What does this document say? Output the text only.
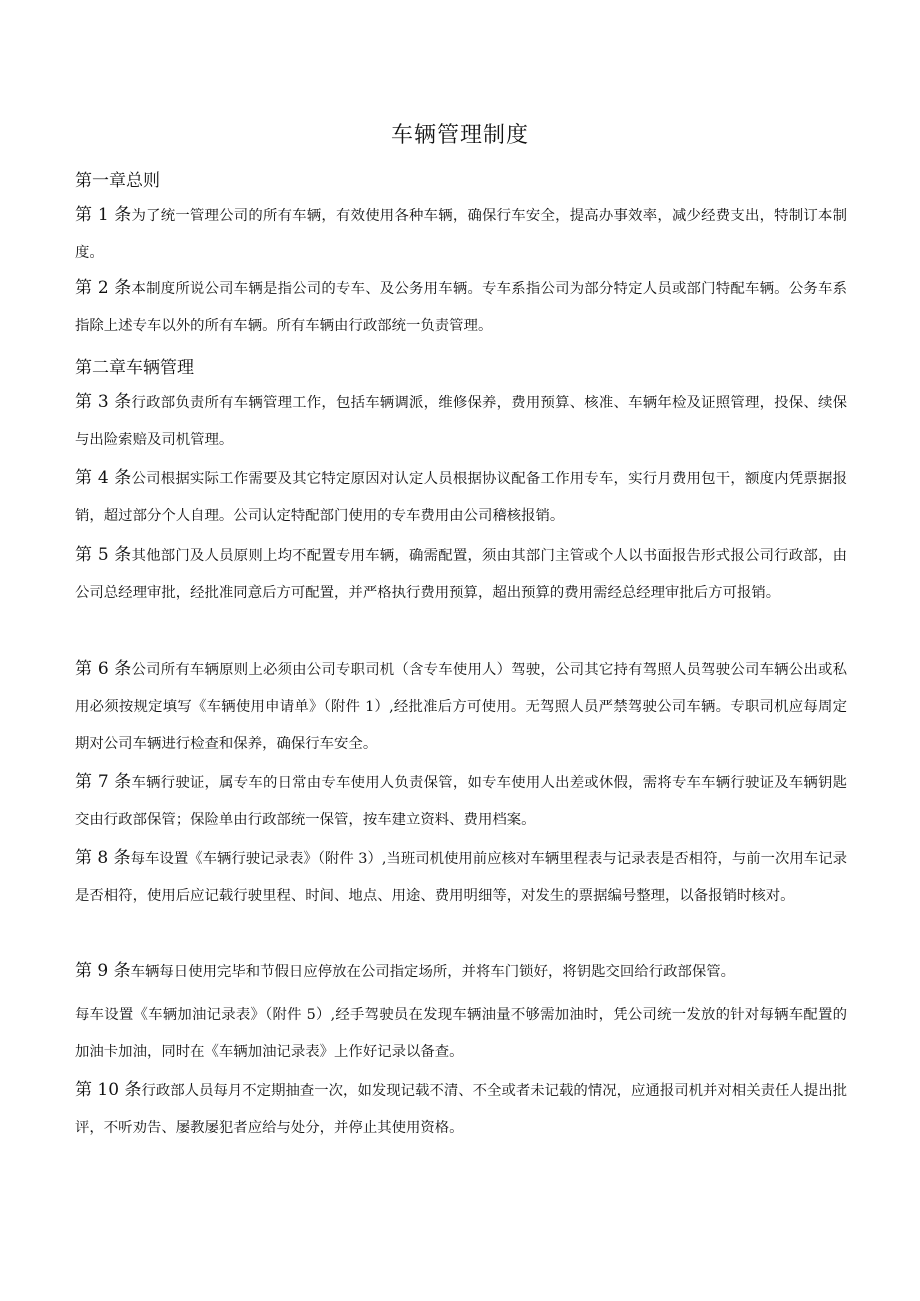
车辆管理制度
第一章总则
第 1 条为了统一管理公司的所有车辆，有效使用各种车辆，确保行车安全，提高办事效率，减少经费支出，特制订本制度。
第 2 条本制度所说公司车辆是指公司的专车、及公务用车辆。专车系指公司为部分特定人员或部门特配车辆。公务车系指除上述专车以外的所有车辆。所有车辆由行政部统一负责管理。
第二章车辆管理
第 3 条行政部负责所有车辆管理工作，包括车辆调派，维修保养，费用预算、核准、车辆年检及证照管理，投保、续保与出险索赔及司机管理。
第 4 条公司根据实际工作需要及其它特定原因对认定人员根据协议配备工作用专车，实行月费用包干，额度内凭票据报销，超过部分个人自理。公司认定特配部门使用的专车费用由公司稽核报销。
第 5 条其他部门及人员原则上均不配置专用车辆，确需配置，须由其部门主管或个人以书面报告形式报公司行政部，由公司总经理审批，经批准同意后方可配置，并严格执行费用预算，超出预算的费用需经总经理审批后方可报销。
第 6 条公司所有车辆原则上必须由公司专职司机（含专车使用人）驾驶，公司其它持有驾照人员驾驶公司车辆公出或私用必须按规定填写《车辆使用申请单》（附件 1）,经批准后方可使用。无驾照人员严禁驾驶公司车辆。专职司机应每周定期对公司车辆进行检查和保养，确保行车安全。
第 7 条车辆行驶证，属专车的日常由专车使用人负责保管，如专车使用人出差或休假，需将专车车辆行驶证及车辆钥匙交由行政部保管；保险单由行政部统一保管，按车建立资料、费用档案。
第 8 条每车设置《车辆行驶记录表》（附件 3）,当班司机使用前应核对车辆里程表与记录表是否相符，与前一次用车记录是否相符，使用后应记载行驶里程、时间、地点、用途、费用明细等，对发生的票据编号整理，以备报销时核对。
第 9 条车辆每日使用完毕和节假日应停放在公司指定场所，并将车门锁好，将钥匙交回给行政部保管。
每车设置《车辆加油记录表》（附件 5）,经手驾驶员在发现车辆油量不够需加油时，凭公司统一发放的针对每辆车配置的加油卡加油，同时在《车辆加油记录表》上作好记录以备查。
第 10 条行政部人员每月不定期抽查一次，如发现记载不清、不全或者未记载的情况，应通报司机并对相关责任人提出批评，不听劝告、屡教屡犯者应给与处分，并停止其使用资格。
